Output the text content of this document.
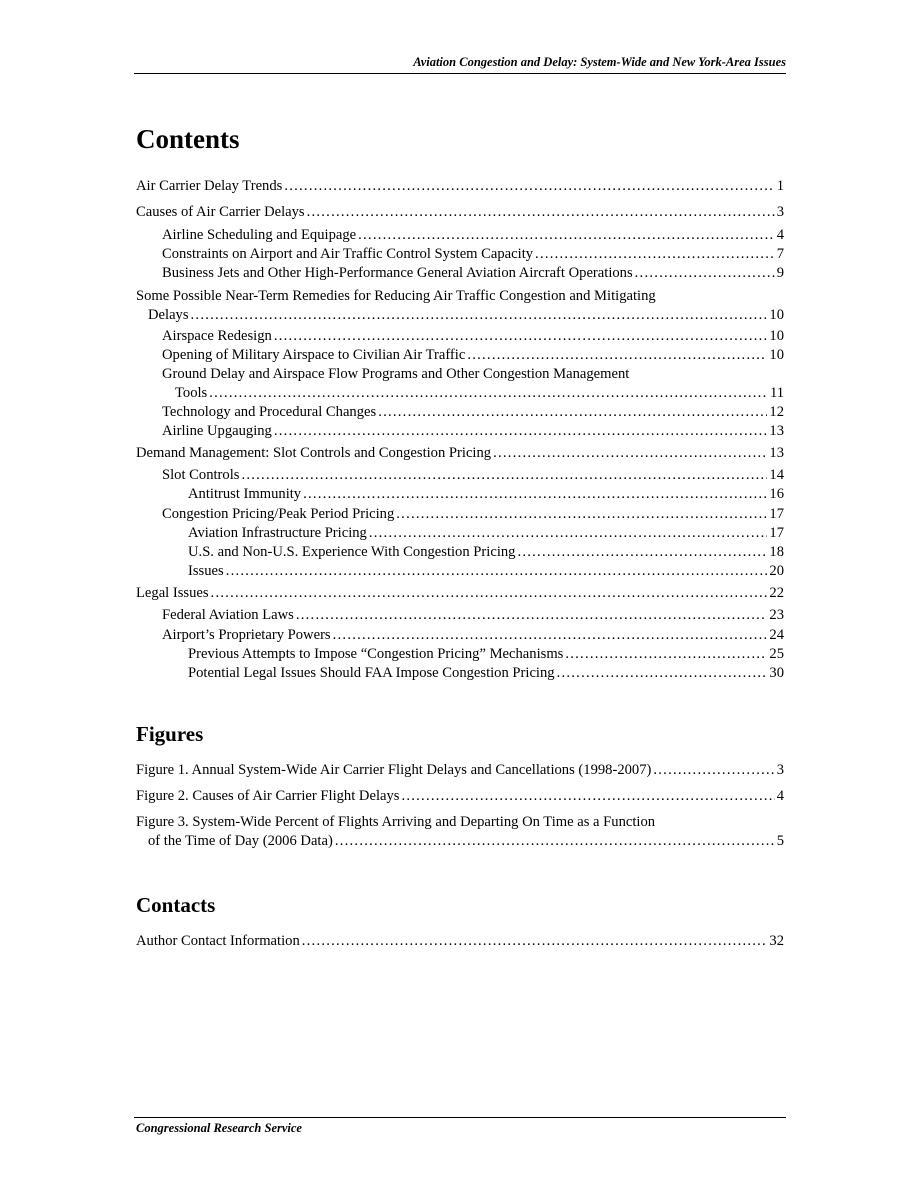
Aviation Congestion and Delay: System-Wide and New York-Area Issues
Contents
Air Carrier Delay Trends . . .	1
Causes of Air Carrier Delays . . .	3
Airline Scheduling and Equipage . . .	4
Constraints on Airport and Air Traffic Control System Capacity . . .	7
Business Jets and Other High-Performance General Aviation Aircraft Operations . . .	9
Some Possible Near-Term Remedies for Reducing Air Traffic Congestion and Mitigating
Delays . . .	10
Airspace Redesign . . .	10
Opening of Military Airspace to Civilian Air Traffic . . .	10
Ground Delay and Airspace Flow Programs and Other Congestion Management
Tools . . .	11
Technology and Procedural Changes . . .	12
Airline Upgauging . . .	13
Demand Management: Slot Controls and Congestion Pricing . . .	13
Slot Controls . . .	14
Antitrust Immunity . . .	16
Congestion Pricing/Peak Period Pricing . . .	17
Aviation Infrastructure Pricing . . .	17
U.S. and Non-U.S. Experience With Congestion Pricing . . .	18
Issues . . .	20
Legal Issues . . .	22
Federal Aviation Laws . . .	23
Airport’s Proprietary Powers . . .	24
Previous Attempts to Impose “Congestion Pricing” Mechanisms . . .	25
Potential Legal Issues Should FAA Impose Congestion Pricing . . .	30
Figures
Figure 1. Annual System-Wide Air Carrier Flight Delays and Cancellations (1998-2007) . . .	3
Figure 2. Causes of Air Carrier Flight Delays . . .	4
Figure 3. System-Wide Percent of Flights Arriving and Departing On Time as a Function
of the Time of Day (2006 Data) . . .	5
Contacts
Author Contact Information . . .	32
Congressional Research Service
